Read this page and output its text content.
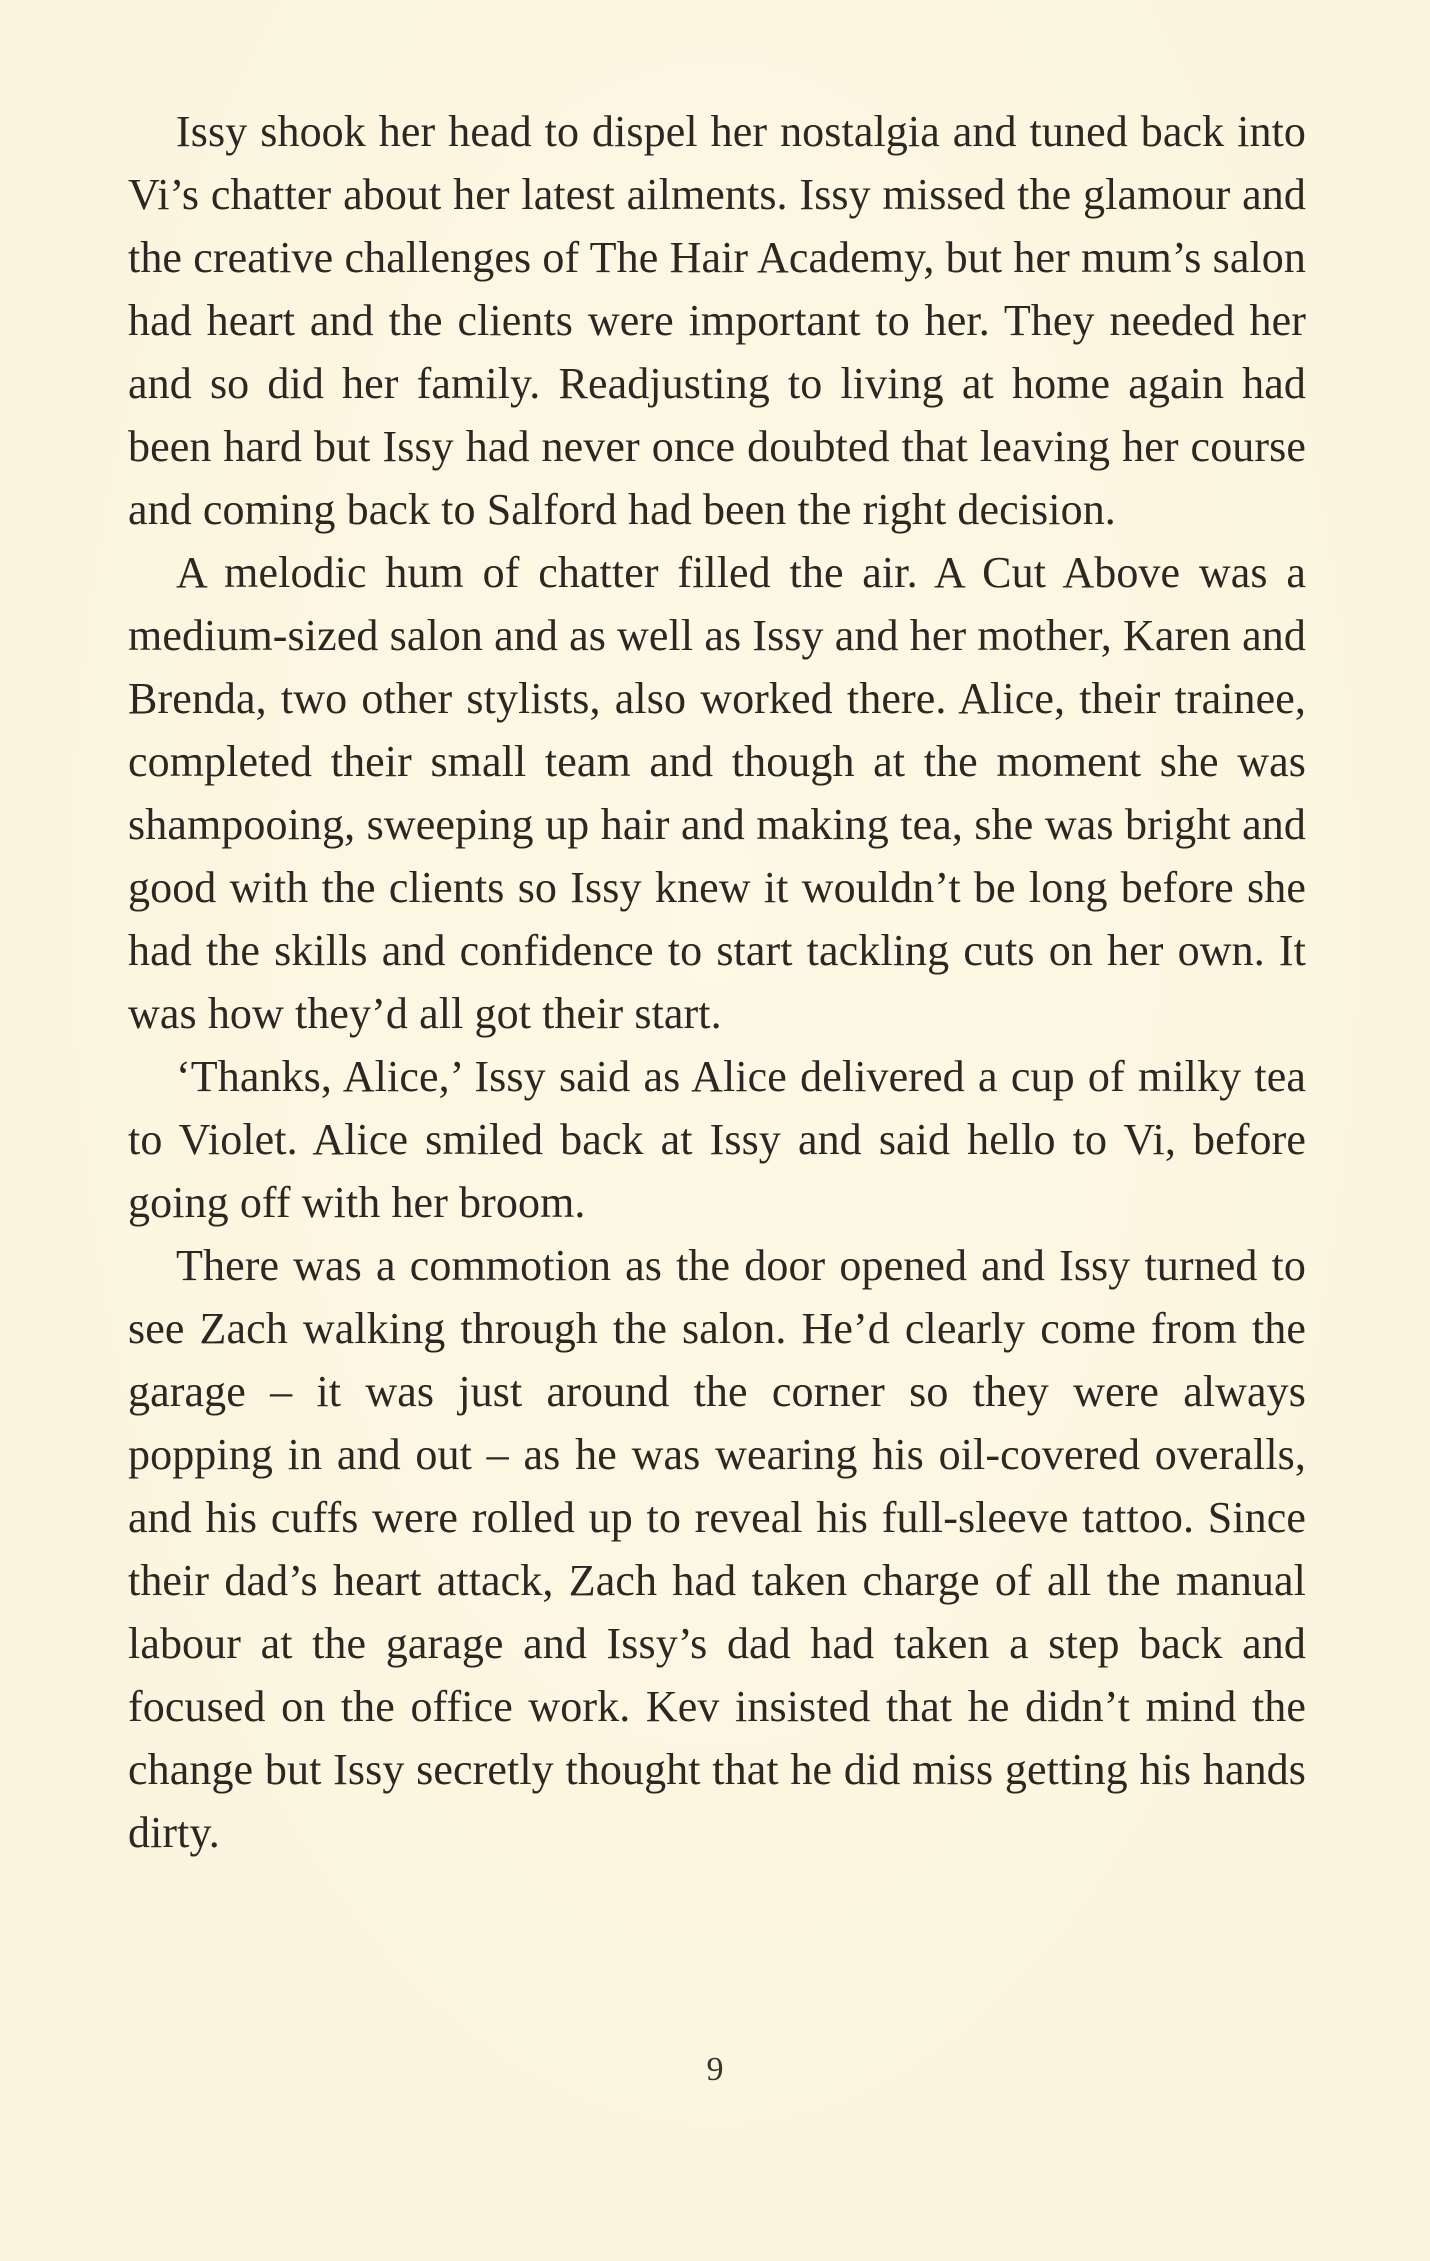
Issy shook her head to dispel her nostalgia and tuned back into Vi’s chatter about her latest ailments. Issy missed the glamour and the creative challenges of The Hair Academy, but her mum’s salon had heart and the clients were important to her. They needed her and so did her family. Readjusting to living at home again had been hard but Issy had never once doubted that leaving her course and coming back to Salford had been the right decision.

A melodic hum of chatter filled the air. A Cut Above was a medium-sized salon and as well as Issy and her mother, Karen and Brenda, two other stylists, also worked there. Alice, their trainee, completed their small team and though at the moment she was shampooing, sweeping up hair and making tea, she was bright and good with the clients so Issy knew it wouldn’t be long before she had the skills and confidence to start tackling cuts on her own. It was how they’d all got their start.

‘Thanks, Alice,’ Issy said as Alice delivered a cup of milky tea to Violet. Alice smiled back at Issy and said hello to Vi, before going off with her broom.

There was a commotion as the door opened and Issy turned to see Zach walking through the salon. He’d clearly come from the garage – it was just around the corner so they were always popping in and out – as he was wearing his oil-covered overalls, and his cuffs were rolled up to reveal his full-sleeve tattoo. Since their dad’s heart attack, Zach had taken charge of all the manual labour at the garage and Issy’s dad had taken a step back and focused on the office work. Kev insisted that he didn’t mind the change but Issy secretly thought that he did miss getting his hands dirty.

9
